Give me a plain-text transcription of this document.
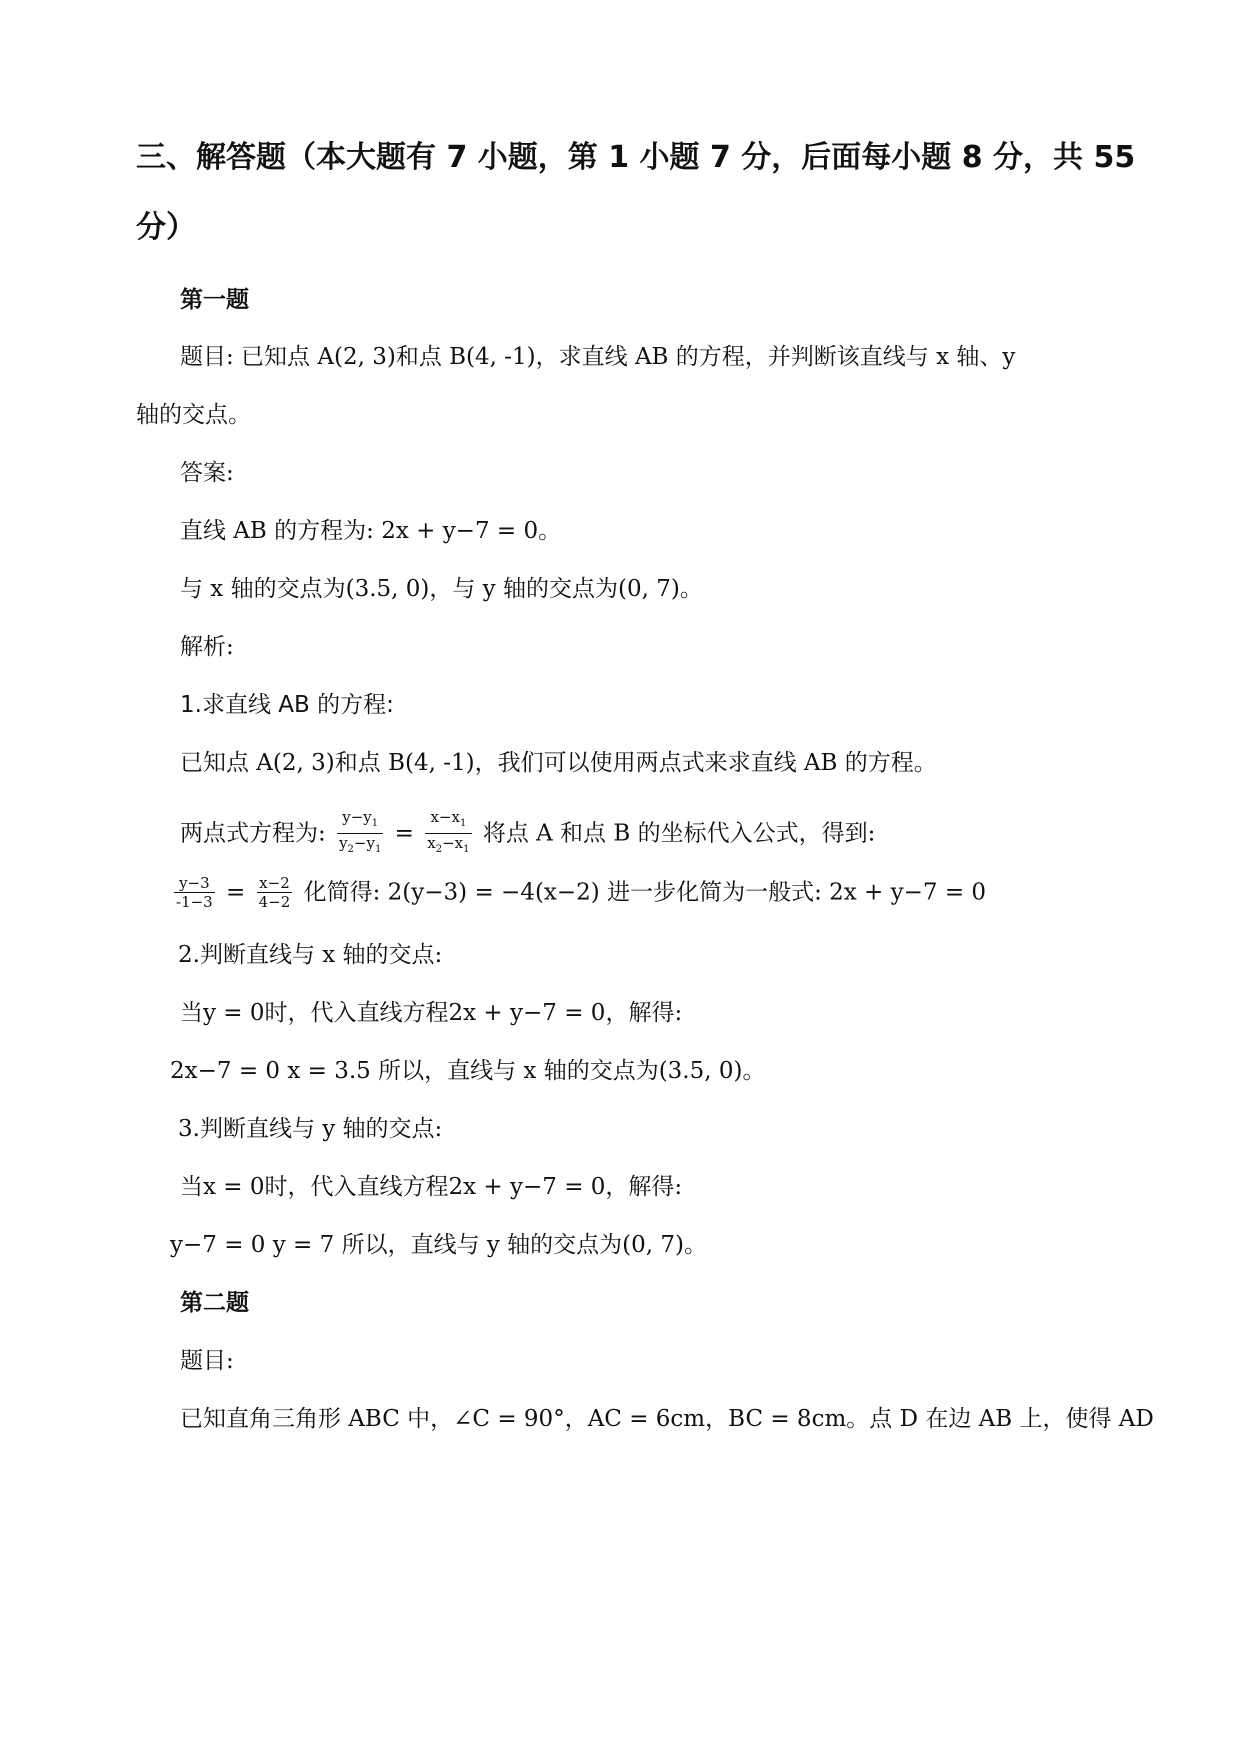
三、解答题（本大题有 7 小题，第 1 小题 7 分，后面每小题 8 分，共 55
分）
第一题
题目: 已知点 A(2, 3)和点 B(4, -1)，求直线 AB 的方程，并判断该直线与 x 轴、y
轴的交点。
答案:
直线 AB 的方程为: 2x + y−7 = 0。
与 x 轴的交点为(3.5, 0)，与 y 轴的交点为(0, 7)。
解析:
1.求直线 AB 的方程:
已知点 A(2, 3)和点 B(4, -1)，我们可以使用两点式来求直线 AB 的方程。
两点式方程为: $\frac{y-y_1}{y_2-y_1} = \frac{x-x_1}{x_2-x_1}$ 将点 A 和点 B 的坐标代入公式，得到:
$\frac{y-3}{-1-3} = \frac{x-2}{4-2}$ 化简得: 2(y−3) = −4(x−2) 进一步化简为一般式: 2x + y−7 = 0
2.判断直线与 x 轴的交点:
当y = 0时，代入直线方程2x + y−7 = 0，解得:
2x−7 = 0 x = 3.5 所以，直线与 x 轴的交点为(3.5, 0)。
3.判断直线与 y 轴的交点:
当x = 0时，代入直线方程2x + y−7 = 0，解得:
y−7 = 0 y = 7 所以，直线与 y 轴的交点为(0, 7)。
第二题
题目:
已知直角三角形 ABC 中，∠C = 90°，AC = 6cm，BC = 8cm。点 D 在边 AB 上，使得 AD
